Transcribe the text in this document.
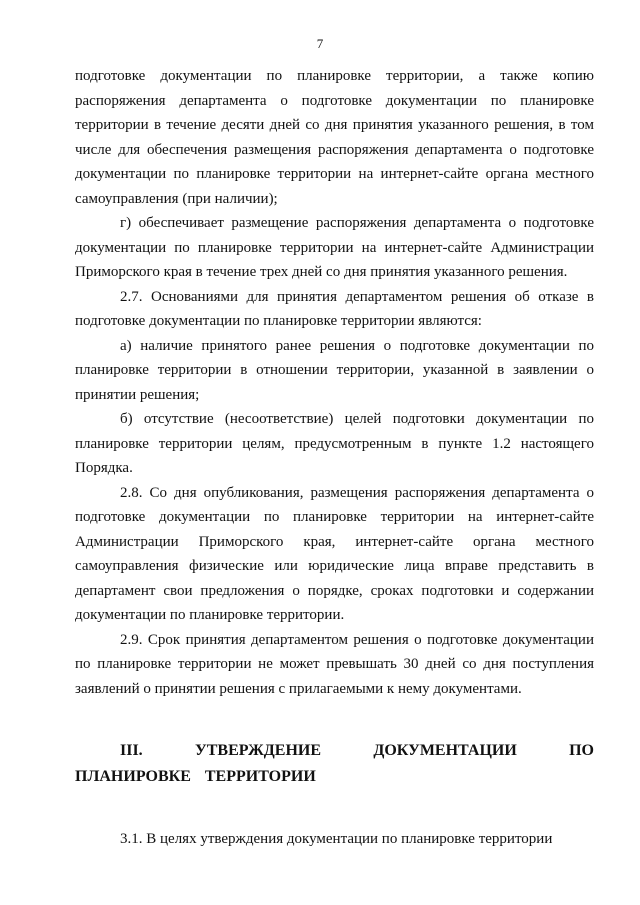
7

подготовке документации по планировке территории, а также копию распоряжения департамента о подготовке документации по планировке территории в течение десяти дней со дня принятия указанного решения, в том числе для обеспечения размещения распоряжения департамента о подготовке документации по планировке территории на интернет-сайте органа местного самоуправления (при наличии);

г) обеспечивает размещение распоряжения департамента о подготовке документации по планировке территории на интернет-сайте Администрации Приморского края в течение трех дней со дня принятия указанного решения.

2.7. Основаниями для принятия департаментом решения об отказе в подготовке документации по планировке территории являются:

а) наличие принятого ранее решения о подготовке документации по планировке территории в отношении территории, указанной в заявлении о принятии решения;

б) отсутствие (несоответствие) целей подготовки документации по планировке территории целям, предусмотренным в пункте 1.2 настоящего Порядка.

2.8. Со дня опубликования, размещения распоряжения департамента о подготовке документации по планировке территории на интернет-сайте Администрации Приморского края, интернет-сайте органа местного самоуправления физические или юридические лица вправе представить в департамент свои предложения о порядке, сроках подготовки и содержании документации по планировке территории.

2.9. Срок принятия департаментом решения о подготовке документации по планировке территории не может превышать 30 дней со дня поступления заявлений о принятии решения с прилагаемыми к нему документами.

III. УТВЕРЖДЕНИЕ ДОКУМЕНТАЦИИ ПО ПЛАНИРОВКЕ ТЕРРИТОРИИ

3.1. В целях утверждения документации по планировке территории
